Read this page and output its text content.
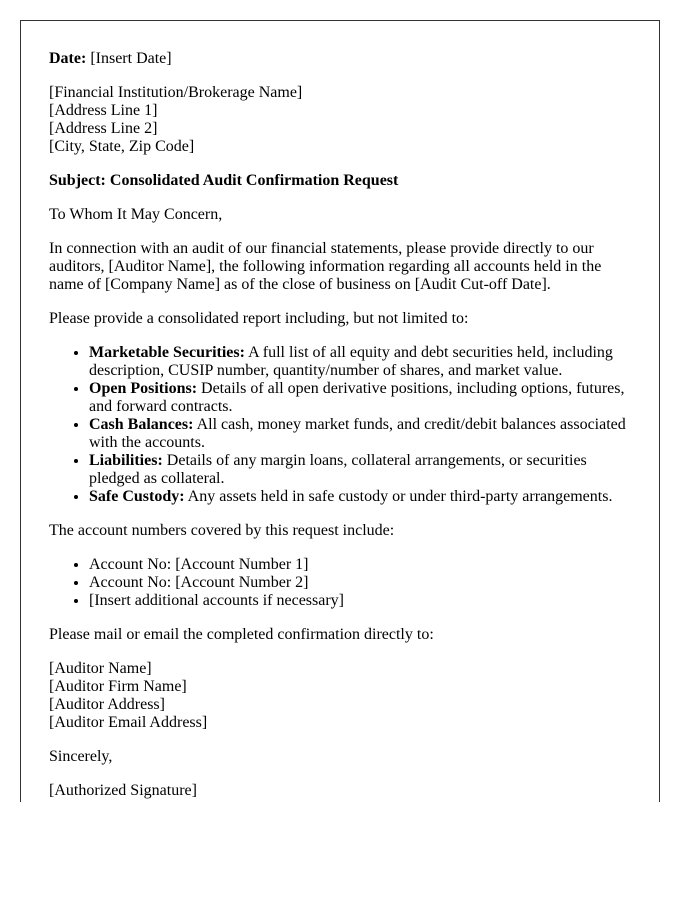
Date: [Insert Date]

[Financial Institution/Brokerage Name]
[Address Line 1]
[Address Line 2]
[City, State, Zip Code]

Subject: Consolidated Audit Confirmation Request

To Whom It May Concern,

In connection with an audit of our financial statements, please provide directly to our auditors, [Auditor Name], the following information regarding all accounts held in the name of [Company Name] as of the close of business on [Audit Cut-off Date].

Please provide a consolidated report including, but not limited to:

• Marketable Securities: A full list of all equity and debt securities held, including description, CUSIP number, quantity/number of shares, and market value.
• Open Positions: Details of all open derivative positions, including options, futures, and forward contracts.
• Cash Balances: All cash, money market funds, and credit/debit balances associated with the accounts.
• Liabilities: Details of any margin loans, collateral arrangements, or securities pledged as collateral.
• Safe Custody: Any assets held in safe custody or under third-party arrangements.

The account numbers covered by this request include:

• Account No: [Account Number 1]
• Account No: [Account Number 2]
• [Insert additional accounts if necessary]

Please mail or email the completed confirmation directly to:

[Auditor Name]
[Auditor Firm Name]
[Auditor Address]
[Auditor Email Address]

Sincerely,

[Authorized Signature]
